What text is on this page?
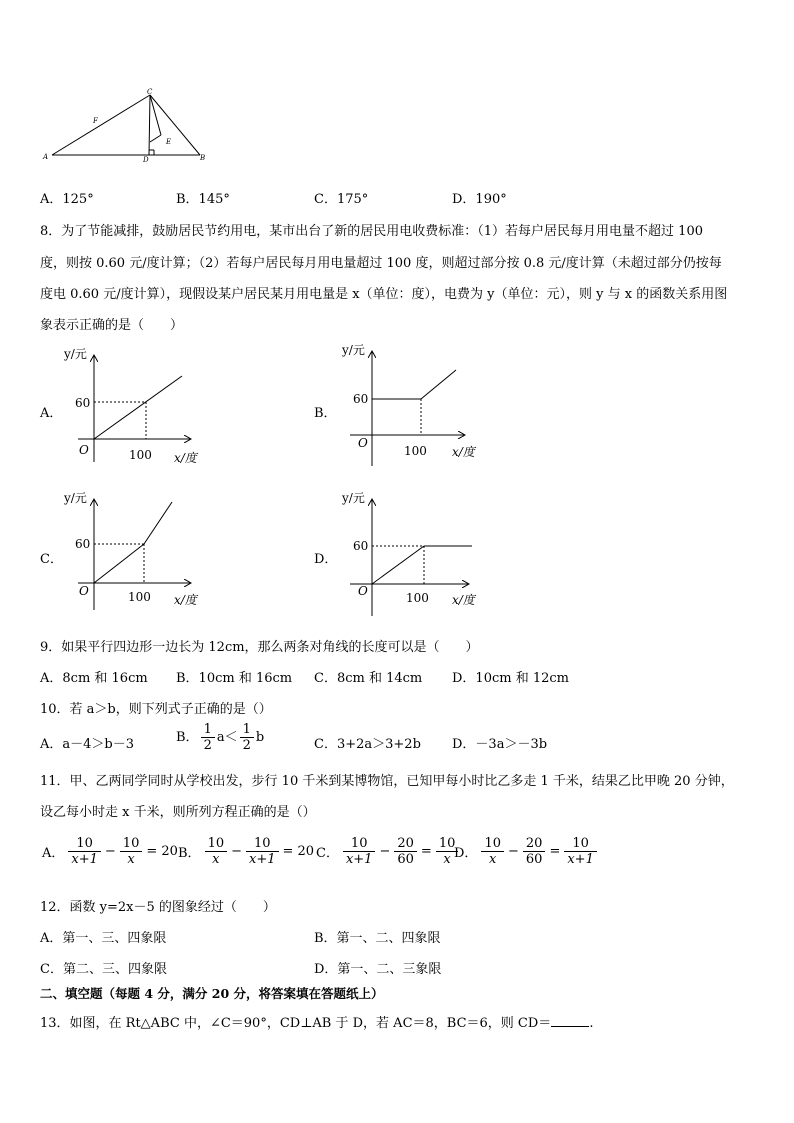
A	B
C
D
E
F
A．125°	B．145°	C．175°	D．190°
8．为了节能减排，鼓励居民节约用电，某市出台了新的居民用电收费标准：（1）若每户居民每月用电量不超过 100
度，则按 0.60 元/度计算；（2）若每户居民每月用电量超过 100 度，则超过部分按 0.8 元/度计算（未超过部分仍按每
度电 0.60 元/度计算），现假设某户居民某月用电量是 x（单位：度），电费为 y（单位：元），则 y 与 x 的函数关系用图
象表示正确的是（　　）
A．
y/元
60
O	100 x/度
B．
y/元
60
O
100 x/度
C．
y/元
60
O	100 x/度
D．
y/元
60
O	100 x/度
9．如果平行四边形一边长为 12cm，那么两条对角线的长度可以是（　　）
A．8cm 和 16cm B．10cm 和 16cm C．8cm 和 14cm D．10cm 和 12cm
10．若 a＞b，则下列式子正确的是（）
A．a－4＞b－3	B． $\frac{1}{2} a< \frac{1}{2}$ b	C．3+2a＞3+2b D．－3a＞－3b
11．甲、乙两同学同时从学校出发，步行 10 千米到某博物馆，已知甲每小时比乙多走 1 千米，结果乙比甲晚 20 分钟，
设乙每小时走 x 千米，则所列方程正确的是（）
A． $\frac{10}{x+1} - \frac{10}{x} = 20$ B． $\frac{10}{x} - \frac{10}{x+1} = 20$ C． $\frac{10}{x+1} - \frac{20}{60} = \frac{10}{x}$
D． $\frac{10}{x} - \frac{20}{60} = \frac{10}{x+1}$
12．函数 y=2x－5 的图象经过（　　）
A．第一、三、四象限	B．第一、二、四象限
C．第二、三、四象限	D．第一、二、三象限
二、填空题（每题 4 分，满分 20 分，将答案填在答题纸上）
13．如图，在 Rt△ABC 中，∠C＝90°，CD⊥AB 于 D，若 AC＝8，BC＝6，则 CD＝	.
